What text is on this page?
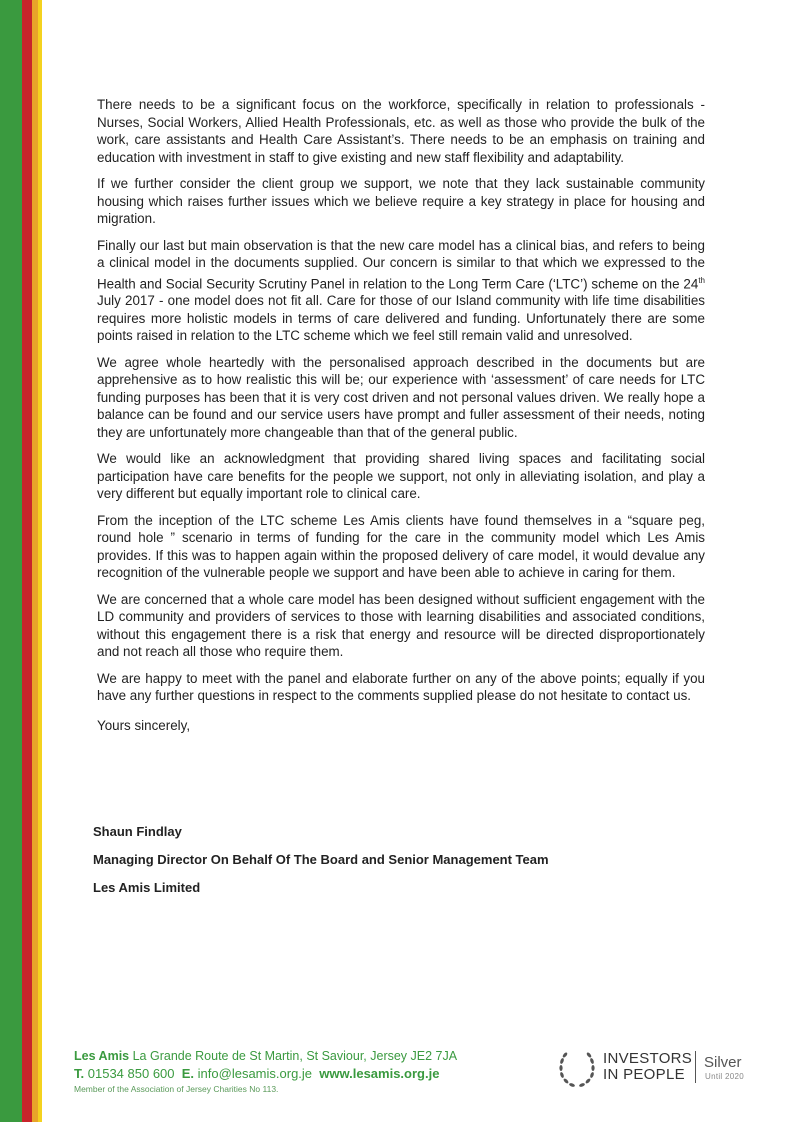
There needs to be a significant focus on the workforce, specifically in relation to professionals - Nurses, Social Workers, Allied Health Professionals, etc. as well as those who provide the bulk of the work, care assistants and Health Care Assistant’s. There needs to be an emphasis on training and education with investment in staff to give existing and new staff flexibility and adaptability.

If we further consider the client group we support, we note that they lack sustainable community housing which raises further issues which we believe require a key strategy in place for housing and migration.

Finally our last but main observation is that the new care model has a clinical bias, and refers to being a clinical model in the documents supplied. Our concern is similar to that which we expressed to the Health and Social Security Scrutiny Panel in relation to the Long Term Care (‘LTC’) scheme on the 24th July 2017 - one model does not fit all. Care for those of our Island community with life time disabilities requires more holistic models in terms of care delivered and funding. Unfortunately there are some points raised in relation to the LTC scheme which we feel still remain valid and unresolved.

We agree whole heartedly with the personalised approach described in the documents but are apprehensive as to how realistic this will be; our experience with ‘assessment’ of care needs for LTC funding purposes has been that it is very cost driven and not personal values driven. We really hope a balance can be found and our service users have prompt and fuller assessment of their needs, noting they are unfortunately more changeable than that of the general public.

We would like an acknowledgment that providing shared living spaces and facilitating social participation have care benefits for the people we support, not only in alleviating isolation, and play a very different but equally important role to clinical care.

From the inception of the LTC scheme Les Amis clients have found themselves in a “square peg, round hole ” scenario in terms of funding for the care in the community model which Les Amis provides. If this was to happen again within the proposed delivery of care model, it would devalue any recognition of the vulnerable people we support and have been able to achieve in caring for them.

We are concerned that a whole care model has been designed without sufficient engagement with the LD community and providers of services to those with learning disabilities and associated conditions, without this engagement there is a risk that energy and resource will be directed disproportionately and not reach all those who require them.

We are happy to meet with the panel and elaborate further on any of the above points; equally if you have any further questions in respect to the comments supplied please do not hesitate to contact us.

Yours sincerely,

Shaun Findlay

Managing Director On Behalf Of The Board and Senior Management Team

Les Amis Limited

Les Amis La Grande Route de St Martin, St Saviour, Jersey JE2 7JA
T. 01534 850 600 E. info@lesamis.org.je www.lesamis.org.je
Member of the Association of Jersey Charities No 113.
INVESTORS
IN PEOPLE
Silver
Until 2020
